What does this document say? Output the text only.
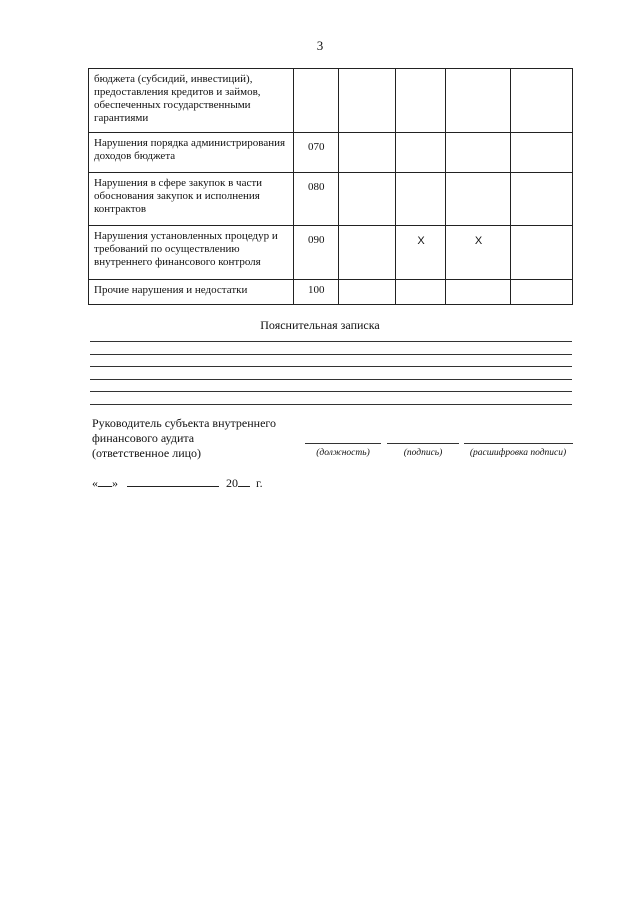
3
бюджета (субсидий, инвестиций), предоставления кредитов и займов, обеспеченных государственными гарантиями					
Нарушения порядка администрирования доходов бюджета	070				
Нарушения в сфере закупок в части обоснования закупок и исполнения контрактов	080				
Нарушения установленных процедур и требований по осуществлению внутреннего финансового контроля	090		Х	Х	
Прочие нарушения и недостатки	100				
Пояснительная записка
Руководитель субъекта внутреннего
финансового аудита
(ответственное лицо)	(должность)	(подпись)	(расшифровка подписи)
« »	20 г.
